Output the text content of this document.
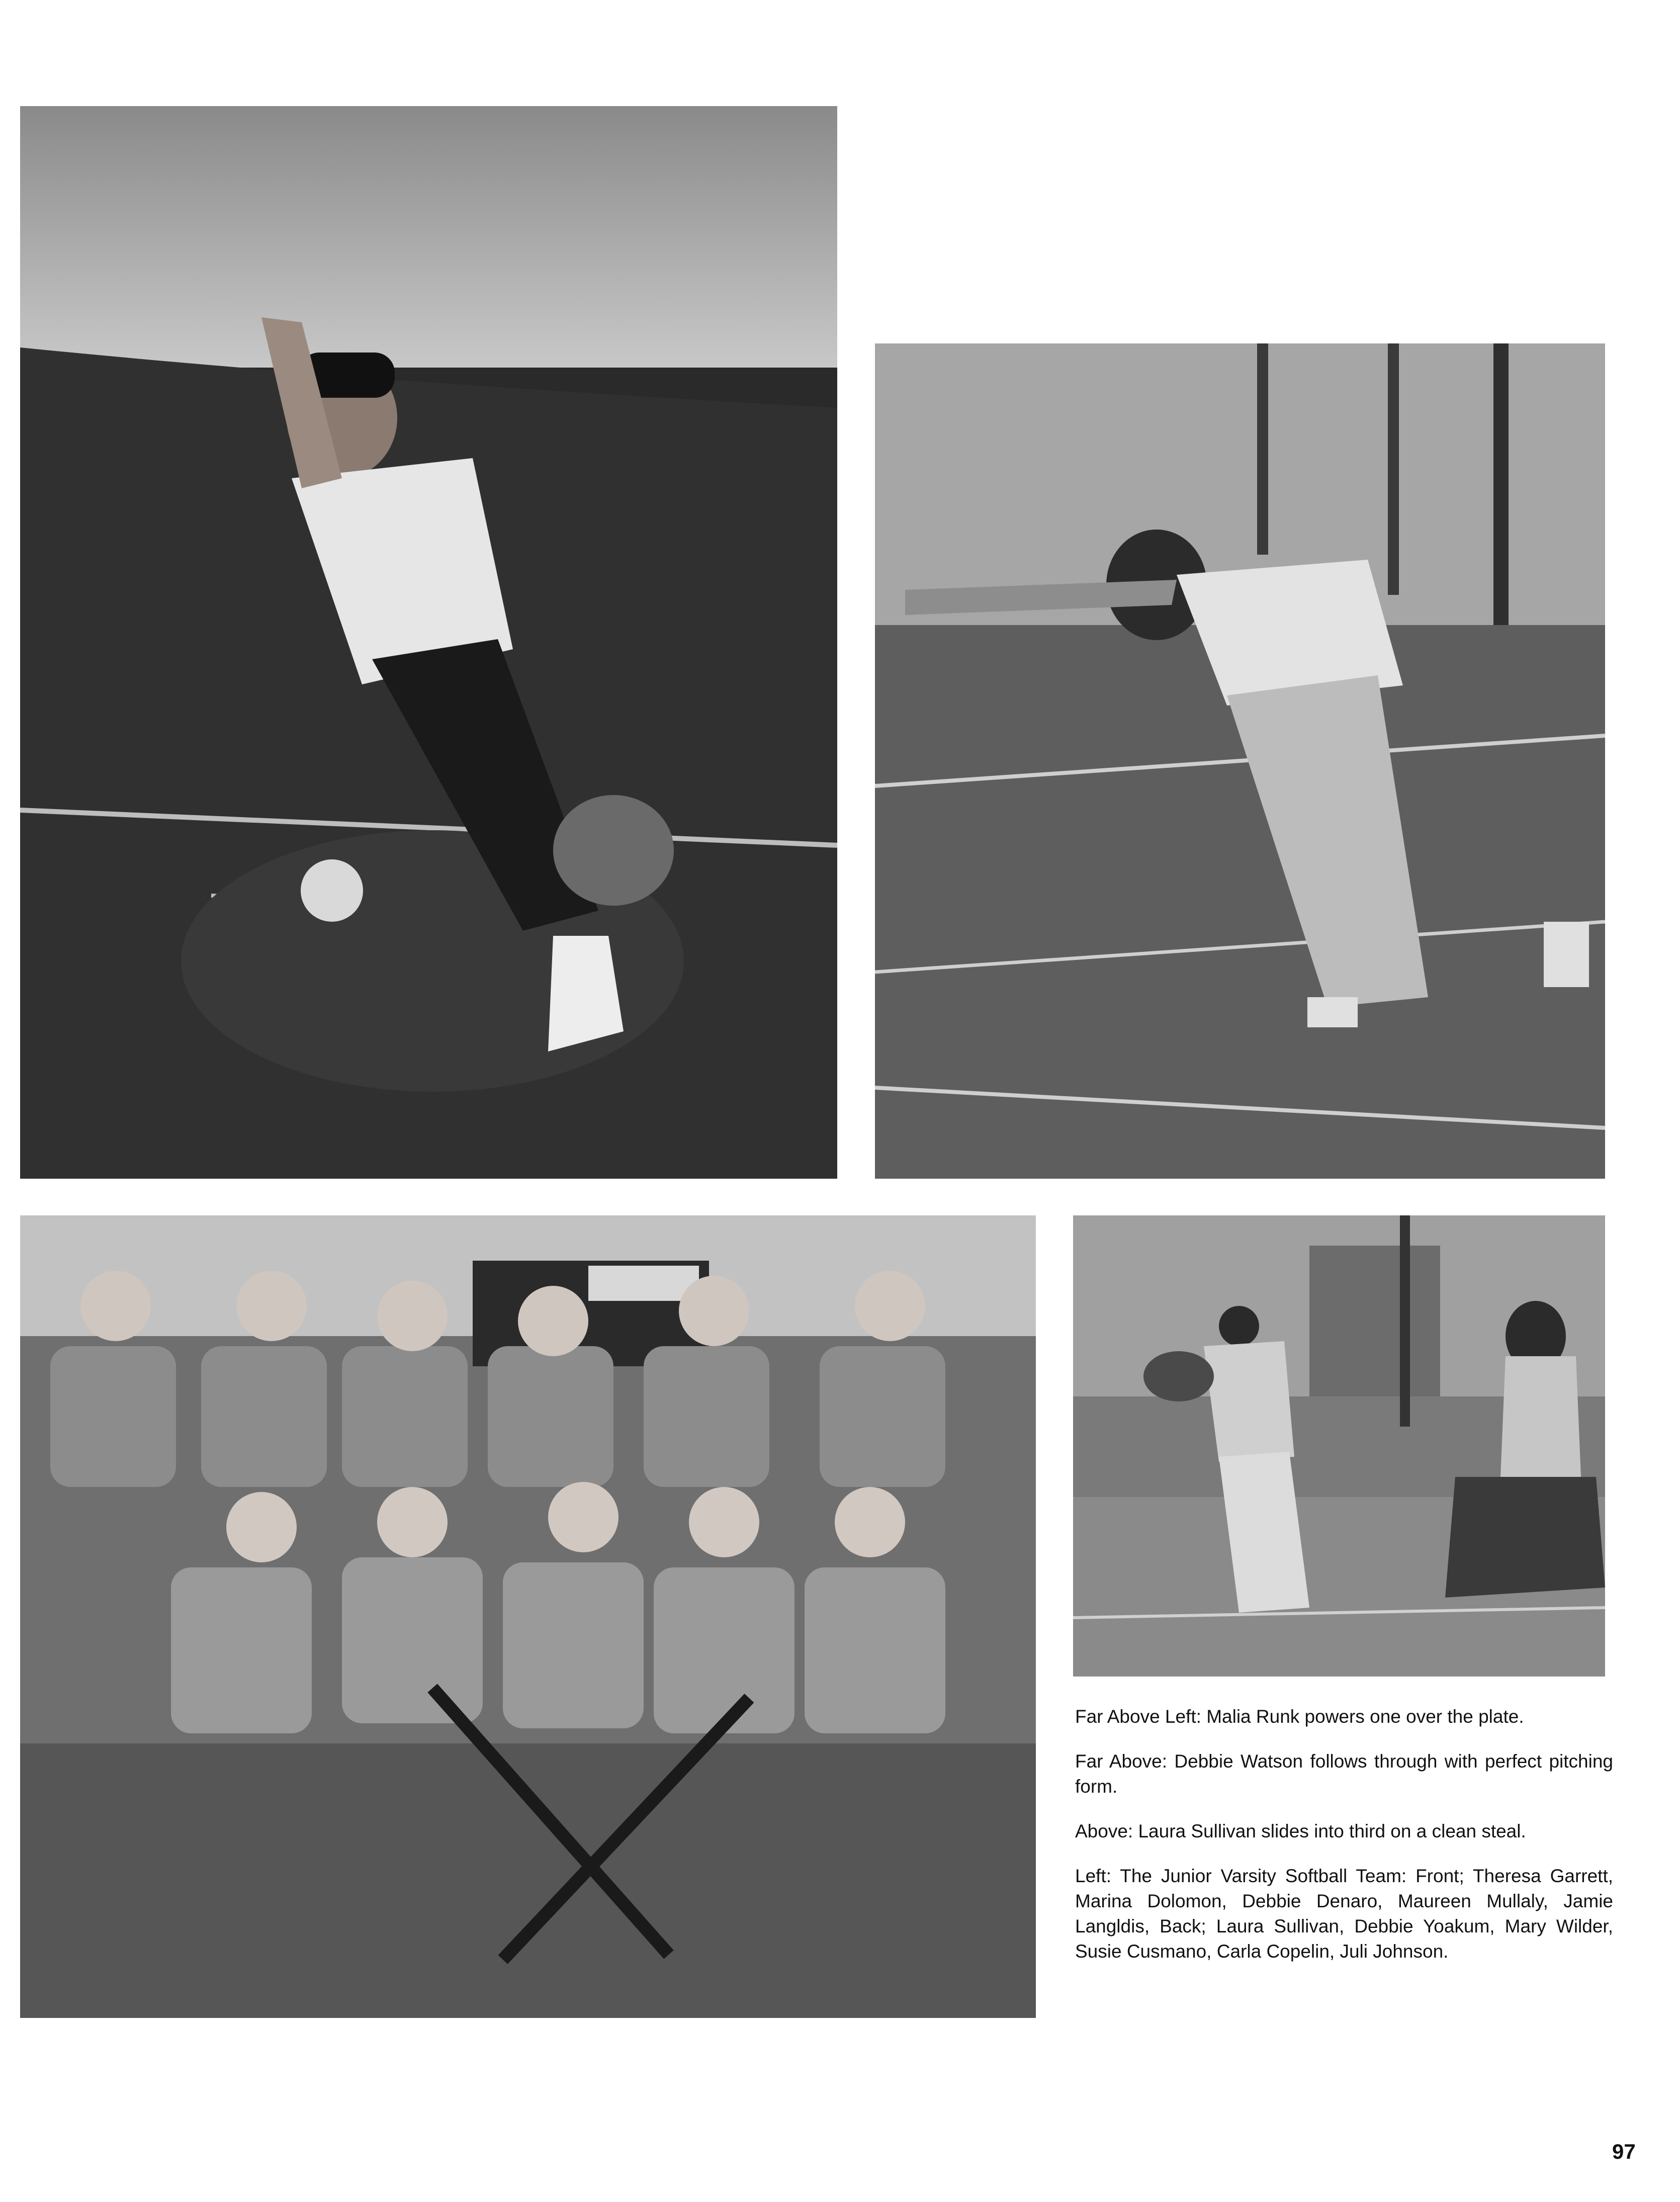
Far Above Left: Malia Runk powers one over the plate.

Far Above: Debbie Watson follows through with perfect pitching form.

Above: Laura Sullivan slides into third on a clean steal.

Left: The Junior Varsity Softball Team: Front; Theresa Garrett, Marina Dolomon, Debbie Denaro, Maureen Mullaly, Jamie Langldis, Back; Laura Sullivan, Debbie Yoakum, Mary Wilder, Susie Cusmano, Carla Copelin, Juli Johnson.

97
